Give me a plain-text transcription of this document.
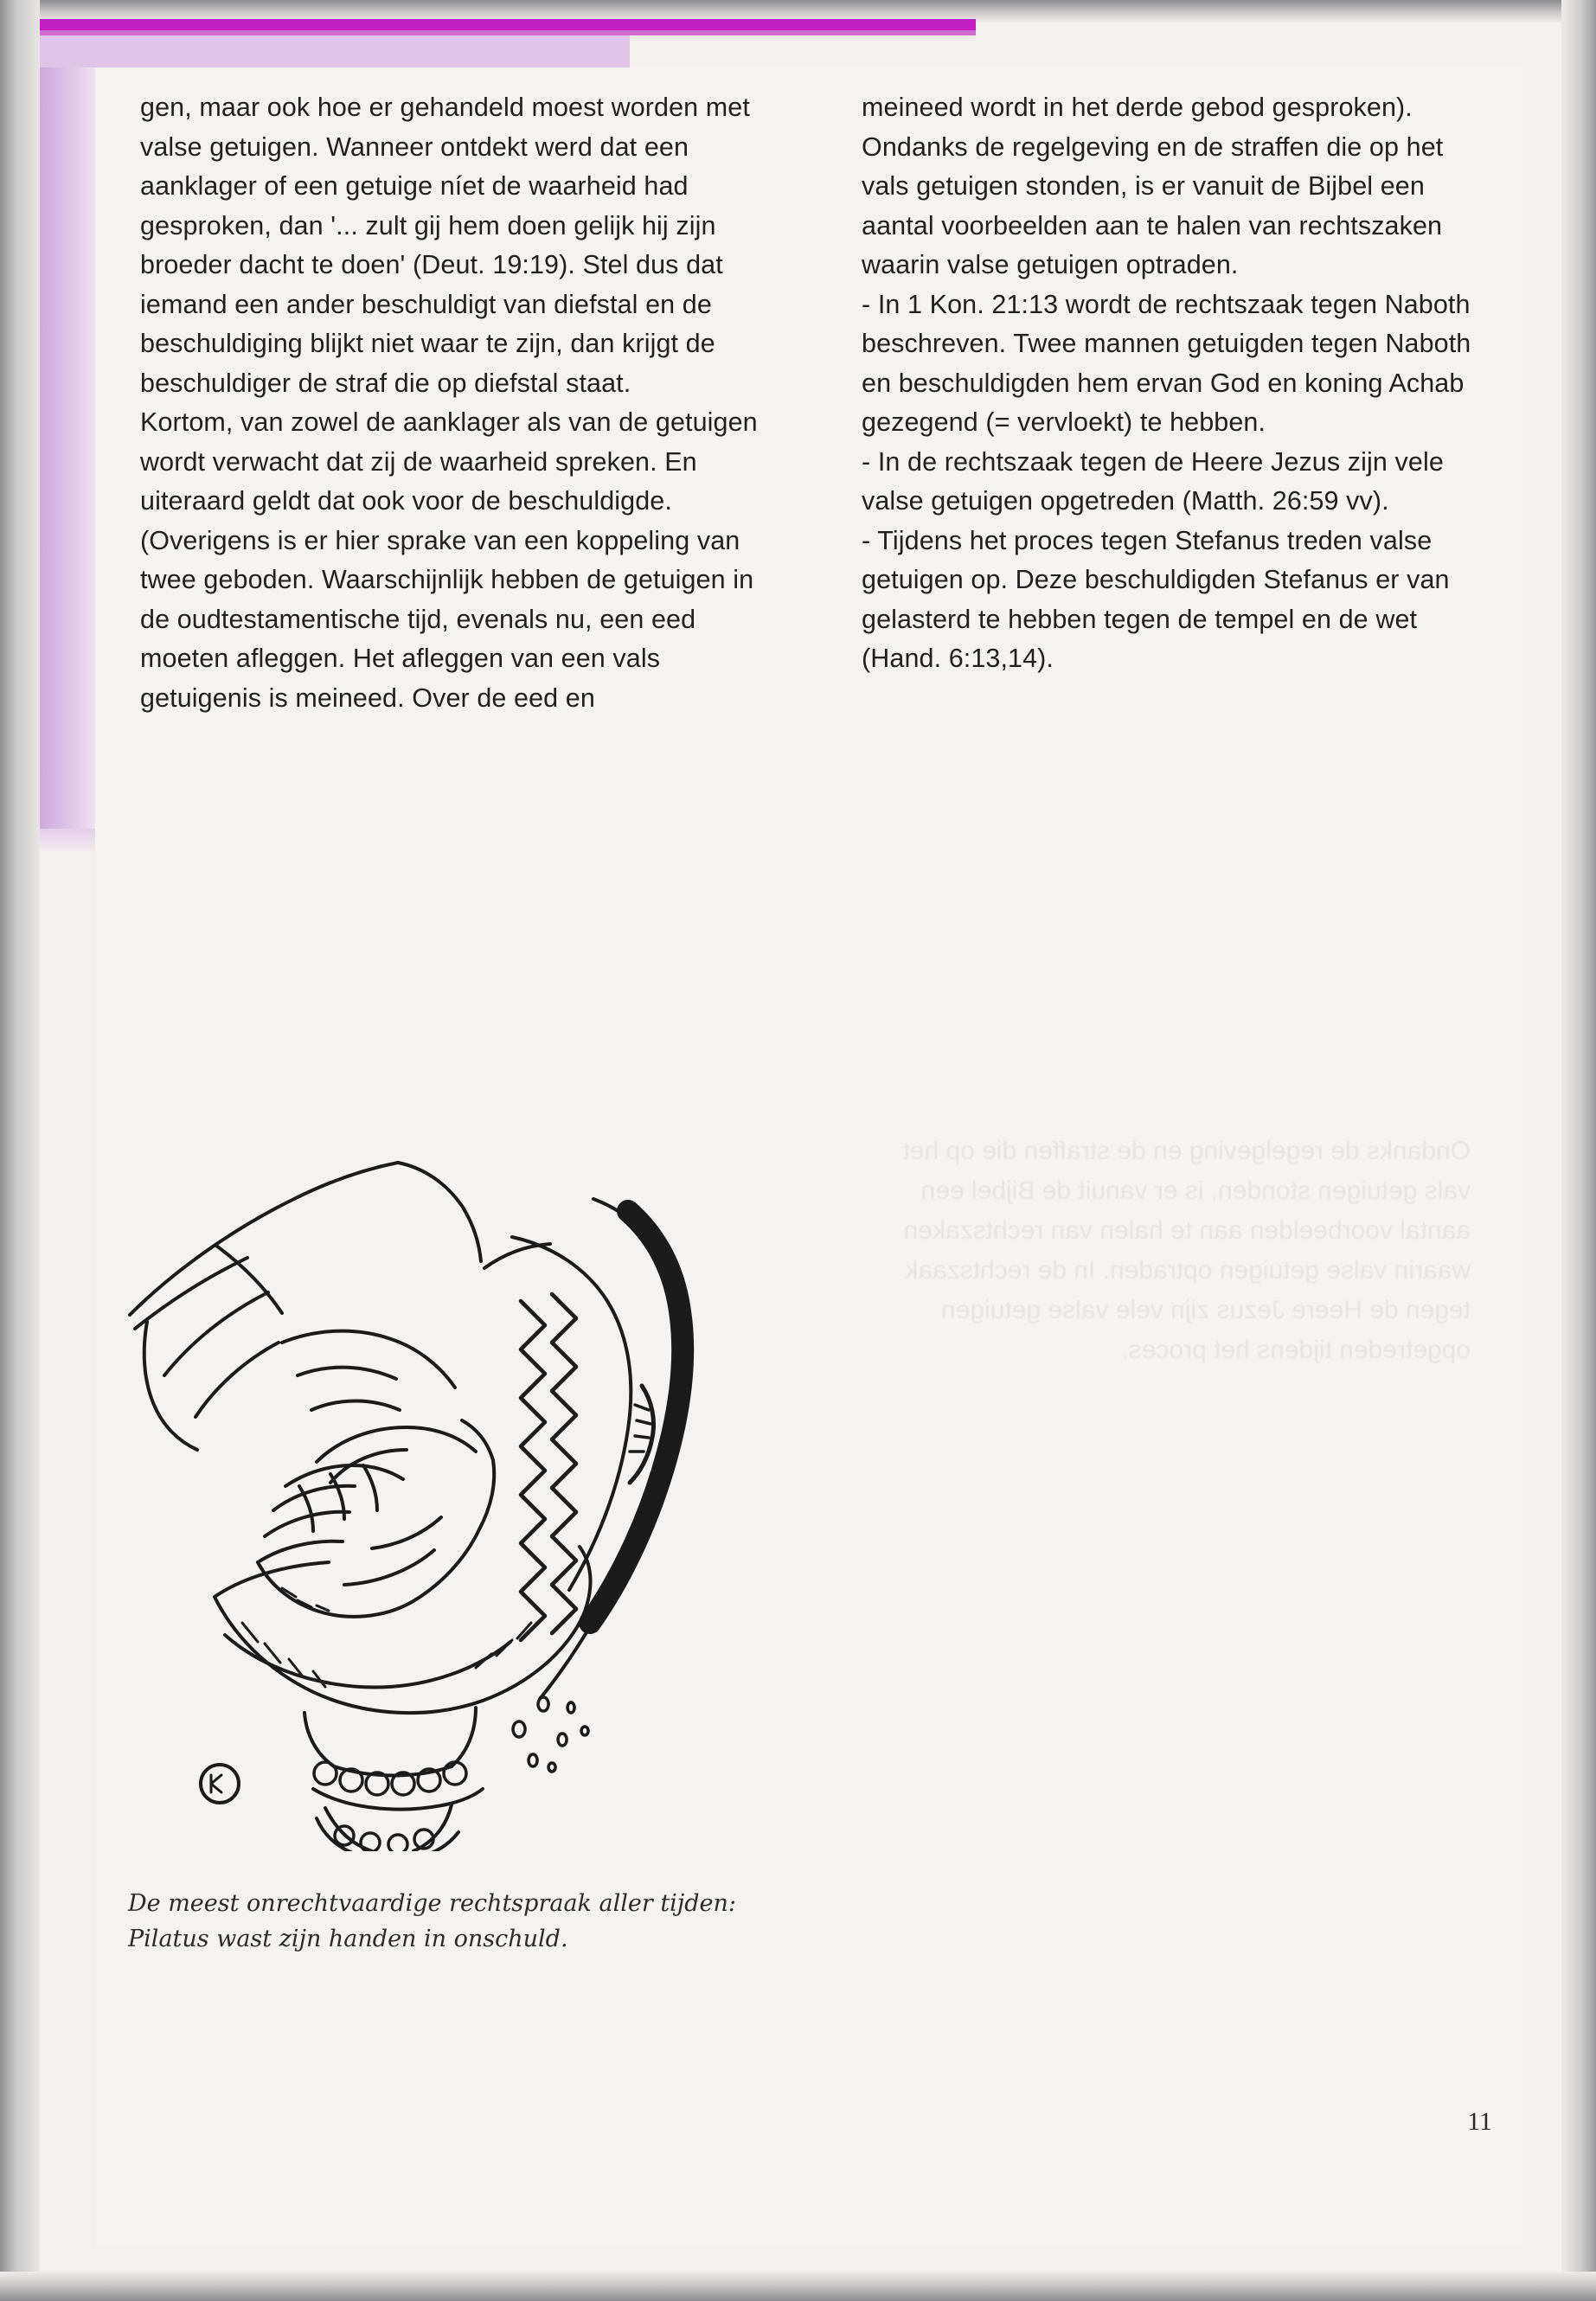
gen, maar ook hoe er gehandeld moest worden met valse getuigen. Wanneer ontdekt werd dat een aanklager of een getuige níet de waarheid had gesproken, dan '... zult gij hem doen gelijk hij zijn broeder dacht te doen' (Deut. 19:19). Stel dus dat iemand een ander beschuldigt van diefstal en de beschuldiging blijkt niet waar te zijn, dan krijgt de beschuldiger de straf die op diefstal staat.

Kortom, van zowel de aanklager als van de getuigen wordt verwacht dat zij de waarheid spreken. En uiteraard geldt dat ook voor de beschuldigde. (Overigens is er hier sprake van een koppeling van twee geboden. Waarschijnlijk hebben de getuigen in de oudtestamentische tijd, evenals nu, een eed moeten afleggen. Het afleggen van een vals getuigenis is meineed. Over de eed en

meineed wordt in het derde gebod gesproken).

Ondanks de regelgeving en de straffen die op het vals getuigen stonden, is er vanuit de Bijbel een aantal voorbeelden aan te halen van rechtszaken waarin valse getuigen optraden.

- In 1 Kon. 21:13 wordt de rechtszaak tegen Naboth beschreven. Twee mannen getuigden tegen Naboth en beschuldigden hem ervan God en koning Achab gezegend (= vervloekt) te hebben.

- In de rechtszaak tegen de Heere Jezus zijn vele valse getuigen opgetreden (Matth. 26:59 vv).

- Tijdens het proces tegen Stefanus treden valse getuigen op. Deze beschuldigden Stefanus er van gelasterd te hebben tegen de tempel en de wet (Hand. 6:13,14).

Ondanks de regelgeving en de straffen die op het vals getuigen stonden, is er vanuit de Bijbel een aantal voorbeelden aan te halen van rechtszaken waarin valse getuigen optraden. In de rechtszaak tegen de Heere Jezus zijn vele valse getuigen opgetreden tijdens het proces.
De meest onrechtvaardige rechtspraak aller tijden: Pilatus wast zijn handen in onschuld.
11
